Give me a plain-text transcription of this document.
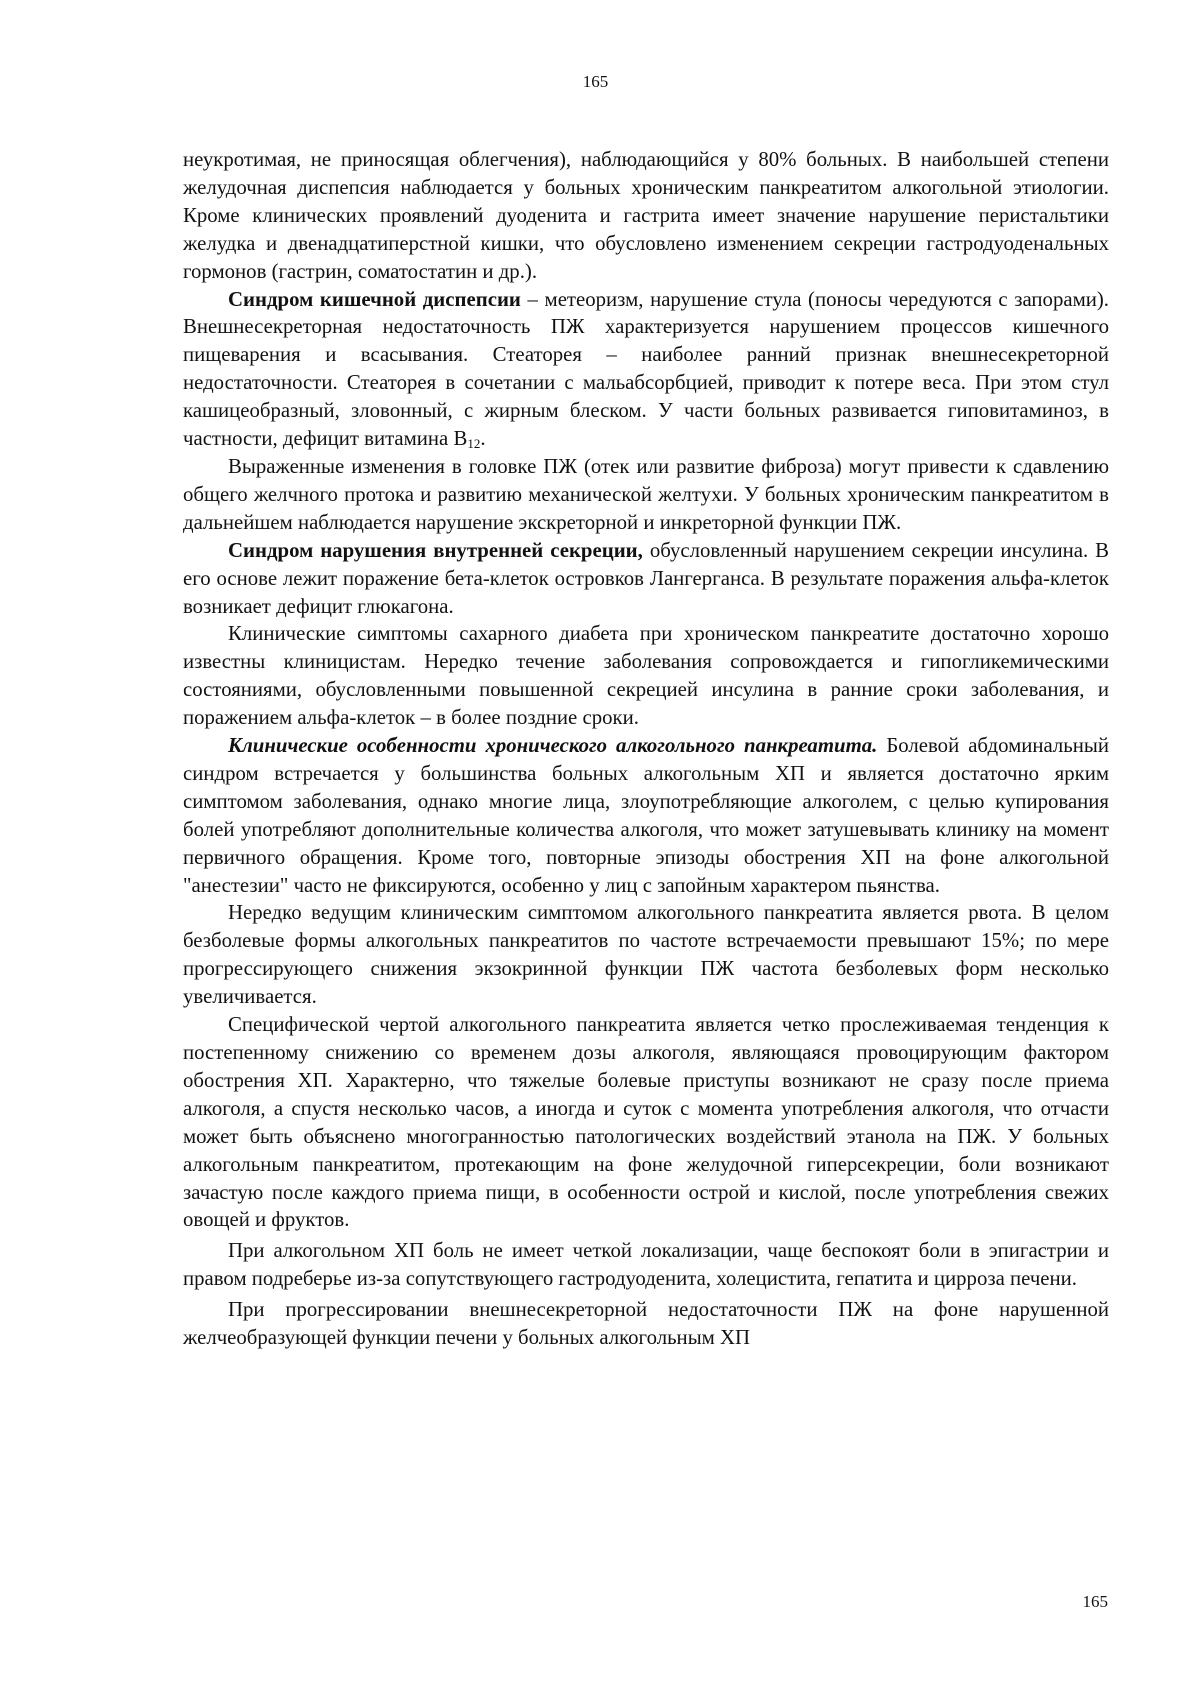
165

неукротимая, не приносящая облегчения), наблюдающийся у 80% больных. В наибольшей степени желудочная диспепсия наблюдается у больных хроническим панкреатитом алкогольной этиологии. Кроме клинических проявлений дуоденита и гастрита имеет значение нарушение перистальтики желудка и двенадцатиперстной кишки, что обусловлено изменением секреции гастродуоденальных гормонов (гастрин, соматостатин и др.).

Синдром кишечной диспепсии – метеоризм, нарушение стула (поносы чередуются с запорами). Внешнесекреторная недостаточность ПЖ характеризуется нарушением процессов кишечного пищеварения и всасывания. Стеаторея – наиболее ранний признак внешнесекреторной недостаточности. Стеаторея в сочетании с мальабсорбцией, приводит к потере веса. При этом стул кашицеобразный, зловонный, с жирным блеском. У части больных развивается гиповитаминоз, в частности, дефицит витамина $В_{12}$.

Выраженные изменения в головке ПЖ (отек или развитие фиброза) могут привести к сдавлению общего желчного протока и развитию механической желтухи. У больных хроническим панкреатитом в дальнейшем наблюдается нарушение экскреторной и инкреторной функции ПЖ.

Синдром нарушения внутренней секреции, обусловленный нарушением секреции инсулина. В его основе лежит поражение бета-клеток островков Лангерганса. В результате поражения альфа-клеток возникает дефицит глюкагона.

Клинические симптомы сахарного диабета при хроническом панкреатите достаточно хорошо известны клиницистам. Нередко течение заболевания сопровождается и гипогликемическими состояниями, обусловленными повышенной секрецией инсулина в ранние сроки заболевания, и поражением альфа-клеток – в более поздние сроки.

Клинические особенности хронического алкогольного панкреатита. Болевой абдоминальный синдром встречается у большинства больных алкогольным ХП и является достаточно ярким симптомом заболевания, однако многие лица, злоупотребляющие алкоголем, с целью купирования болей употребляют дополнительные количества алкоголя, что может затушевывать клинику на момент первичного обращения. Кроме того, повторные эпизоды обострения ХП на фоне алкогольной "анестезии" часто не фиксируются, особенно у лиц с запойным характером пьянства.

Нередко ведущим клиническим симптомом алкогольного панкреатита является рвота. В целом безболевые формы алкогольных панкреатитов по частоте встречаемости превышают 15%; по мере прогрессирующего снижения экзокринной функции ПЖ частота безболевых форм несколько увеличивается.

Специфической чертой алкогольного панкреатита является четко прослеживаемая тенденция к постепенному снижению со временем дозы алкоголя, являющаяся провоцирующим фактором обострения ХП. Характерно, что тяжелые болевые приступы возникают не сразу после приема алкоголя, а спустя несколько часов, а иногда и суток с момента употребления алкоголя, что отчасти может быть объяснено многогранностью патологических воздействий этанола на ПЖ. У больных алкогольным панкреатитом, протекающим на фоне желудочной гиперсекреции, боли возникают зачастую после каждого приема пищи, в особенности острой и кислой, после употребления свежих овощей и фруктов.

При алкогольном ХП боль не имеет четкой локализации, чаще беспокоят боли в эпигастрии и правом подреберье из-за сопутствующего гастродуоденита, холецистита, гепатита и цирроза печени.

При прогрессировании внешнесекреторной недостаточности ПЖ на фоне нарушенной желчеобразующей функции печени у больных алкогольным ХП

165
